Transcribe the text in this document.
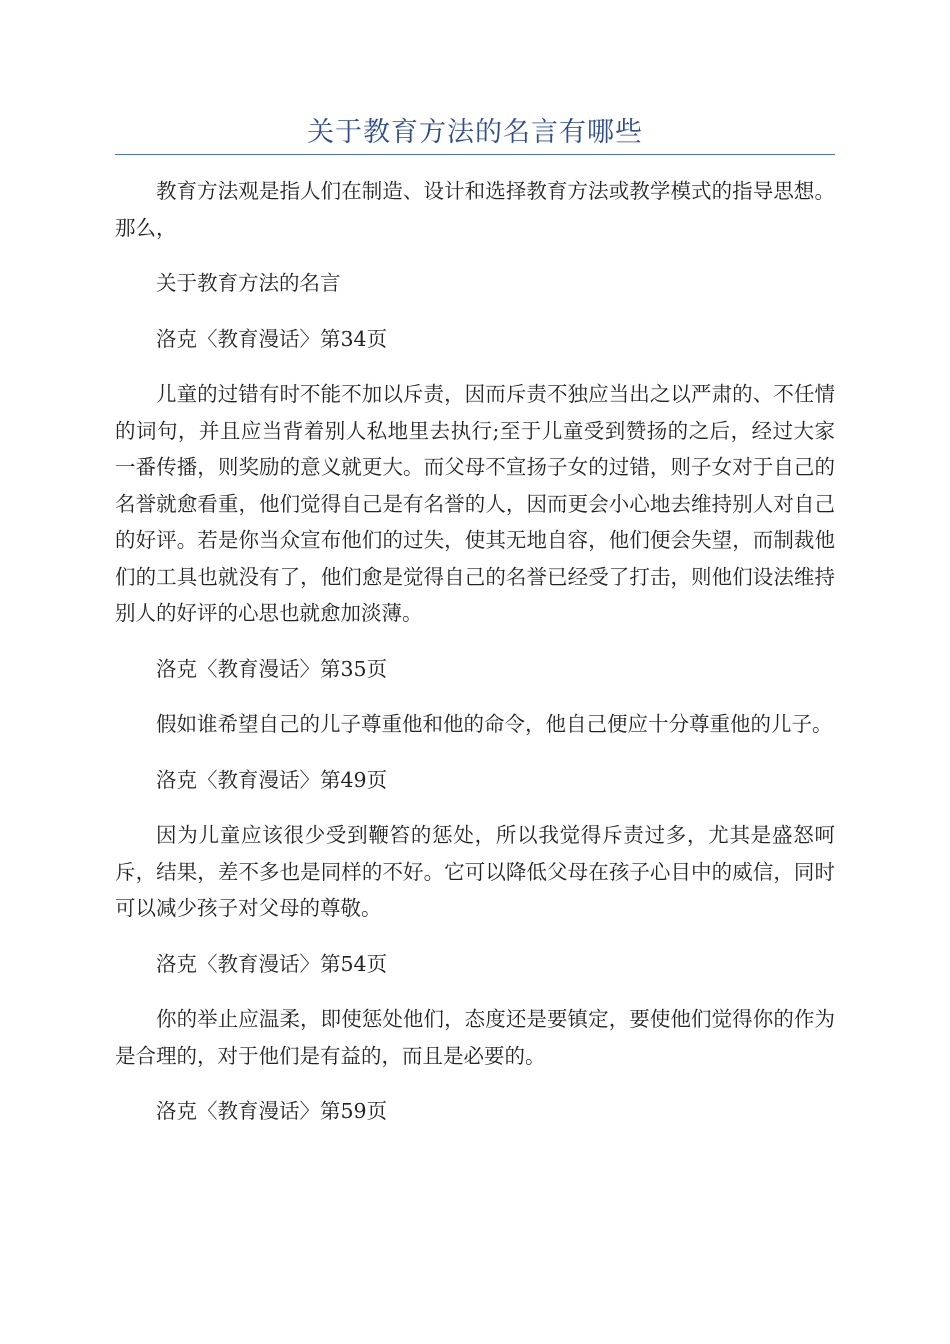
关于教育方法的名言有哪些

教育方法观是指人们在制造、设计和选择教育方法或教学模式的指导思想。那么，

关于教育方法的名言

洛克〈教育漫话〉第34页

儿童的过错有时不能不加以斥责，因而斥责不独应当出之以严肃的、不任情的词句，并且应当背着别人私地里去执行;至于儿童受到赞扬的之后，经过大家一番传播，则奖励的意义就更大。而父母不宣扬子女的过错，则子女对于自己的名誉就愈看重，他们觉得自己是有名誉的人，因而更会小心地去维持别人对自己的好评。若是你当众宣布他们的过失，使其无地自容，他们便会失望，而制裁他们的工具也就没有了，他们愈是觉得自己的名誉已经受了打击，则他们设法维持别人的好评的心思也就愈加淡薄。

洛克〈教育漫话〉第35页

假如谁希望自己的儿子尊重他和他的命令，他自己便应十分尊重他的儿子。

洛克〈教育漫话〉第49页

因为儿童应该很少受到鞭笞的惩处，所以我觉得斥责过多，尤其是盛怒呵斥，结果，差不多也是同样的不好。它可以降低父母在孩子心目中的威信，同时可以减少孩子对父母的尊敬。

洛克〈教育漫话〉第54页

你的举止应温柔，即使惩处他们，态度还是要镇定，要使他们觉得你的作为是合理的，对于他们是有益的，而且是必要的。

洛克〈教育漫话〉第59页
